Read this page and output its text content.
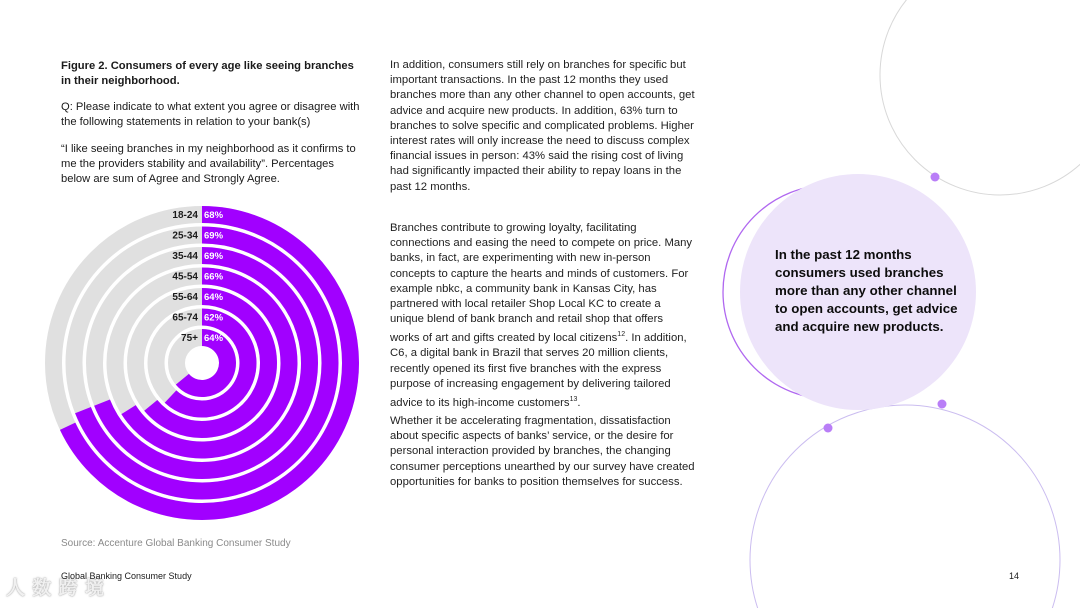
Figure 2. Consumers of every age like seeing branches in their neighborhood.
Q: Please indicate to what extent you agree or disagree with the following statements in relation to your bank(s)
“I like seeing branches in my neighborhood as it confirms to me the providers stability and availability”. Percentages below are sum of Agree and Strongly Agree.
18-24 68%
25-34 69%
35-44 69%
45-54 66%
55-64 64%
65-74 62%
75+ 64%
Source: Accenture Global Banking Consumer Study

In addition, consumers still rely on branches for specific but important transactions. In the past 12 months they used branches more than any other channel to open accounts, get advice and acquire new products. In addition, 63% turn to branches to solve specific and complicated problems. Higher interest rates will only increase the need to discuss complex financial issues in person: 43% said the rising cost of living had significantly impacted their ability to repay loans in the past 12 months.

Branches contribute to growing loyalty, facilitating connections and easing the need to compete on price. Many banks, in fact, are experimenting with new in-person concepts to capture the hearts and minds of customers. For example nbkc, a community bank in Kansas City, has partnered with local retailer Shop Local KC to create a unique blend of bank branch and retail shop that offers works of art and gifts created by local citizens$^{12}$. In addition, C6, a digital bank in Brazil that serves 20 million clients, recently opened its first five branches with the express purpose of increasing engagement by delivering tailored advice to its high-income customers$^{13}$.

Whether it be accelerating fragmentation, dissatisfaction about specific aspects of banks’ service, or the desire for personal interaction provided by branches, the changing consumer perceptions unearthed by our survey have created opportunities for banks to position themselves for success.

In the past 12 months consumers used branches more than any other channel to open accounts, get advice and acquire new products.
人 数 跨 境
Global Banking Consumer Study	14
